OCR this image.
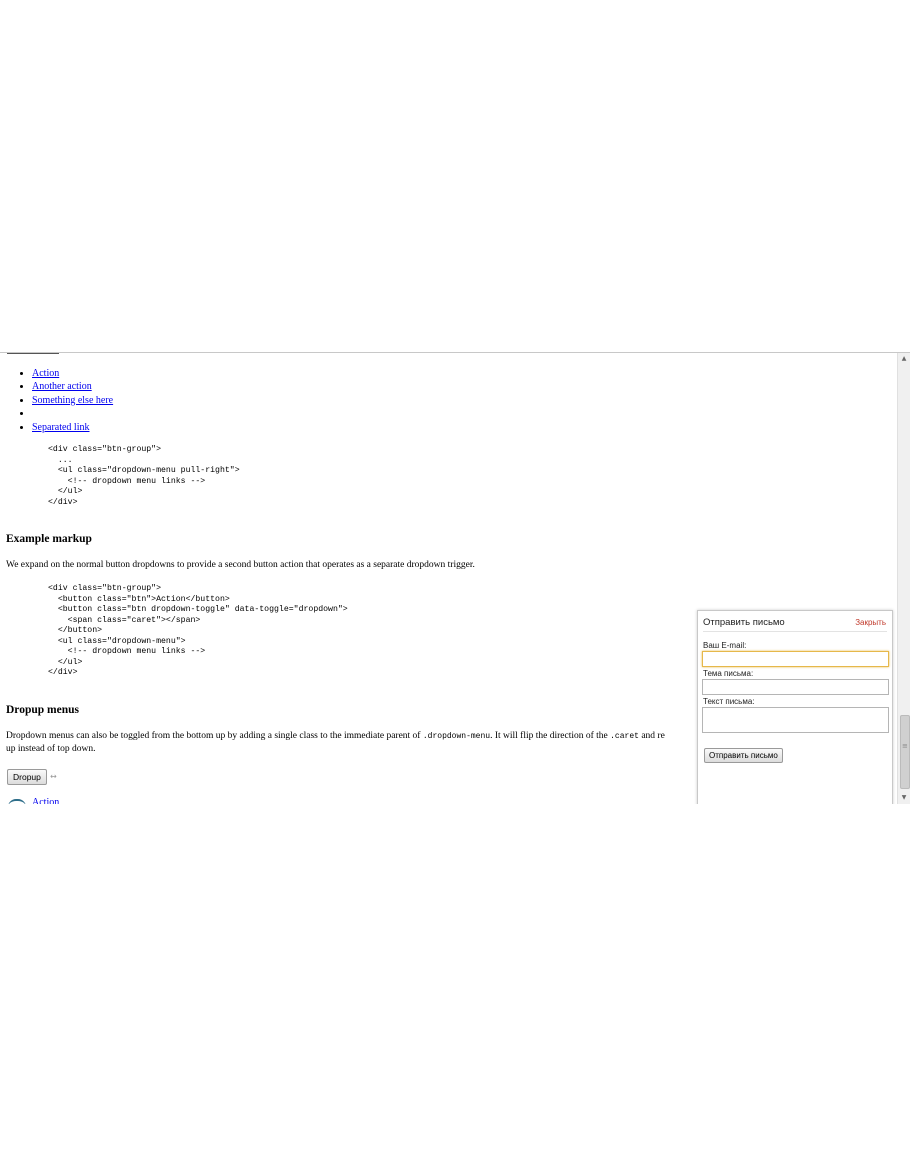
• Action
• Another action
• Something else here
•
• Separated link
<div class="btn-group">
...
<ul class="dropdown-menu pull-right">
<!-- dropdown menu links -->
</ul>
</div>
Example markup

We expand on the normal button dropdowns to provide a second button action that operates as a separate dropdown trigger.

<div class="btn-group">
<button class="btn">Action</button>
<button class="btn dropdown-toggle" data-toggle="dropdown">
<span class="caret"></span>
</button>
<ul class="dropdown-menu">
<!-- dropdown menu links -->
</ul>
</div>
Dropup menus

Dropdown menus can also be toggled from the bottom up by adding a single class to the immediate parent of .dropdown-menu. It will flip the direction of the .caret and re
up instead of top down.

Dropup	↔
Action
Отправить письмо	Закрыть
Ваш E-mail:
Тема письма:
Текст письма:
Отправить письмо
▲
≡
▼
